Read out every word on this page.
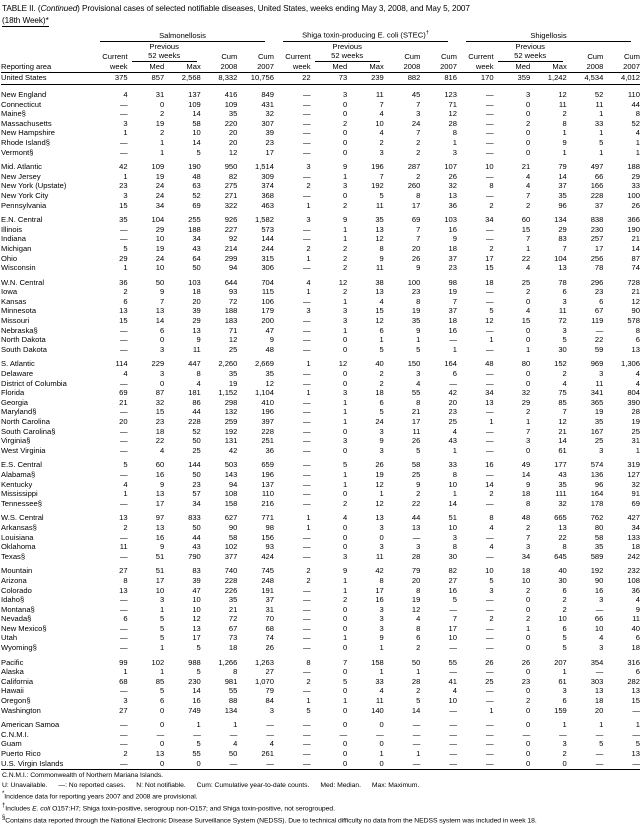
TABLE II. (Continued) Provisional cases of selected notifiable diseases, United States, weeks ending May 3, 2008, and May 5, 2007
(18th Week)*

	Salmonellosis					Shiga toxin-producing E. coli (STEC)†					Shigellosis				

		Previous					Previous					Previous			

	Current	52 weeks		Cum	Cum	Current	52 weeks		Cum	Cum	Current	52 weeks		Cum	Cum
Reporting area	week	Med	Max	2008	2007	week	Med	Max	2008	2007	week	Med	Max	2008	2007

United States	375	857	2,568	8,332	10,756	22	73	239	882	816	170	359	1,242	4,534	4,012

New England	4	31	137	416	849	—	3	11	45	123	—	3	12	52	110
Connecticut	—	0	109	109	431	—	0	7	7	71	—	0	11	11	44
Maine§	—	2	14	35	32	—	0	4	3	12	—	0	2	1	8
Massachusetts	3	19	58	220	307	—	2	10	24	28	—	2	8	33	52
New Hampshire	1	2	10	20	39	—	0	4	7	8	—	0	1	1	4
Rhode Island§	—	1	14	20	23	—	0	2	2	1	—	0	9	5	1
Vermont§	—	1	5	12	17	—	0	3	2	3	—	0	1	1	1

Mid. Atlantic	42	109	190	950	1,514	3	9	196	287	107	10	21	79	497	188
New Jersey	1	19	48	82	309	—	1	7	2	26	—	4	14	66	29
New York (Upstate)	23	24	63	275	374	2	3	192	260	32	8	4	37	166	33
New York City	3	24	52	271	368	—	0	5	8	13	—	7	35	228	100
Pennsylvania	15	34	69	322	463	1	2	11	17	36	2	2	96	37	26

E.N. Central	35	104	255	926	1,582	3	9	35	69	103	34	60	134	838	366
Illinois	—	29	188	227	573	—	1	13	7	16	—	15	29	230	190
Indiana	—	10	34	92	144	—	1	12	7	9	—	7	83	257	21
Michigan	5	19	43	214	244	2	2	8	20	18	2	1	7	17	14
Ohio	29	24	64	299	315	1	2	9	26	37	17	22	104	256	87
Wisconsin	1	10	50	94	306	—	2	11	9	23	15	4	13	78	74

W.N. Central	36	50	103	644	704	4	12	38	100	98	18	25	78	296	728
Iowa	2	9	18	93	115	1	2	13	23	19	—	2	6	23	21
Kansas	6	7	20	72	106	—	1	4	8	7	—	0	3	6	12
Minnesota	13	13	39	188	179	3	3	15	19	37	5	4	11	67	90
Missouri	15	14	29	183	200	—	3	12	35	18	12	15	72	119	578
Nebraska§	—	6	13	71	47	—	1	6	9	16	—	0	3	—	8
North Dakota	—	0	9	12	9	—	0	1	1	—	1	0	5	22	6
South Dakota	—	3	11	25	48	—	0	5	5	1	—	1	30	59	13

S. Atlantic	114	229	447	2,260	2,669	1	12	40	150	164	48	80	152	969	1,306
Delaware	4	3	8	35	35	—	0	2	3	6	—	0	2	3	4
District of Columbia	—	0	4	19	12	—	0	2	4	—	—	0	4	11	4
Florida	69	87	181	1,152	1,104	1	3	18	55	42	34	32	75	341	804
Georgia	21	32	86	298	410	—	1	6	8	20	13	29	85	365	390
Maryland§	—	15	44	132	196	—	1	5	21	23	—	2	7	19	28
North Carolina	20	23	228	259	397	—	1	24	17	25	1	1	12	35	19
South Carolina§	—	18	52	192	228	—	0	3	11	4	—	7	21	167	25
Virginia§	—	22	50	131	251	—	3	9	26	43	—	3	14	25	31
West Virginia	—	4	25	42	36	—	0	3	5	1	—	0	61	3	1

E.S. Central	5	60	144	503	659	—	5	26	58	33	16	49	177	574	319
Alabama§	—	16	50	143	196	—	1	19	25	8	—	14	43	136	127
Kentucky	4	9	23	94	137	—	1	12	9	10	14	9	35	96	32
Mississippi	1	13	57	108	110	—	0	1	2	1	2	18	111	164	91
Tennessee§	—	17	34	158	216	—	2	12	22	14	—	8	32	178	69

W.S. Central	13	97	833	627	771	1	4	13	44	51	8	48	665	762	427
Arkansas§	2	13	50	90	98	1	0	3	13	10	4	2	13	80	34
Louisiana	—	16	44	58	156	—	0	0	—	3	—	7	22	58	133
Oklahoma	11	9	43	102	93	—	0	3	3	8	4	3	8	35	18
Texas§	—	51	790	377	424	—	3	11	28	30	—	34	645	589	242

Mountain	27	51	83	740	745	2	9	42	79	82	10	18	40	192	232
Arizona	8	17	39	228	248	2	1	8	20	27	5	10	30	90	108
Colorado	13	10	47	226	191	—	1	17	8	16	3	2	6	16	36
Idaho§	—	3	10	35	37	—	2	16	19	5	—	0	2	3	4
Montana§	—	1	10	21	31	—	0	3	12	—	—	0	2	—	9
Nevada§	6	5	12	72	70	—	0	3	4	7	2	2	10	66	11
New Mexico§	—	5	13	67	68	—	0	3	8	17	—	1	6	10	40
Utah	—	5	17	73	74	—	1	9	6	10	—	0	5	4	6
Wyoming§	—	1	5	18	26	—	0	1	2	—	—	0	5	3	18

Pacific	99	102	988	1,266	1,263	8	7	158	50	55	26	26	207	354	316
Alaska	1	1	5	8	27	—	0	1	1	—	—	0	1	—	6
California	68	85	230	981	1,070	2	5	33	28	41	25	23	61	303	282
Hawaii	—	5	14	55	79	—	0	4	2	4	—	0	3	13	13
Oregon§	3	6	16	88	84	1	1	11	5	10	—	2	6	18	15
Washington	27	0	749	134	3	5	0	140	14	—	1	0	159	20	—

American Samoa	—	0	1	1	—	—	0	0	—	—	—	0	1	1	1
C.N.M.I.	—	—	—	—	—	—	—	—	—	—	—	—	—	—	—
Guam	—	0	5	4	4	—	0	0	—	—	—	0	3	5	5
Puerto Rico	2	13	55	50	261	—	0	1	1	—	—	0	2	—	13
U.S. Virgin Islands	—	0	0	—	—	—	0	0	—	—	—	0	0	—	—

C.N.M.I.: Commonwealth of Northern Mariana Islands.
U: Unavailable. —: No reported cases. N: Not notifiable. Cum: Cumulative year-to-date counts. Med: Median. Max: Maximum.
*Incidence data for reporting years 2007 and 2008 are provisional.
†Includes E. coli O157:H7; Shiga toxin-positive, serogroup non-O157; and Shiga toxin-positive, not serogrouped.
§Contains data reported through the National Electronic Disease Surveillance System (NEDSS). Due to technical difficulty no data from the NEDSS system was included in week 18.
